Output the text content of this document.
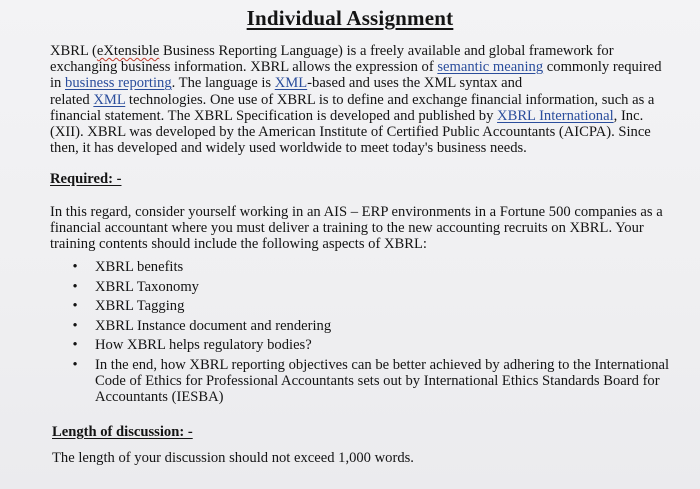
Individual Assignment
XBRL (eXtensible Business Reporting Language) is a freely available and global framework for
exchanging business information. XBRL allows the expression of semantic meaning commonly required
in business reporting. The language is XML-based and uses the XML syntax and
related XML technologies. One use of XBRL is to define and exchange financial information, such as a
financial statement. The XBRL Specification is developed and published by XBRL International, Inc.
(XII). XBRL was developed by the American Institute of Certified Public Accountants (AICPA). Since
then, it has developed and widely used worldwide to meet today's business needs.
Required: -
In this regard, consider yourself working in an AIS – ERP environments in a Fortune 500 companies as a
financial accountant where you must deliver a training to the new accounting recruits on XBRL. Your
training contents should include the following aspects of XBRL:
• XBRL benefits
• XBRL Taxonomy
• XBRL Tagging
• XBRL Instance document and rendering
• How XBRL helps regulatory bodies?
• In the end, how XBRL reporting objectives can be better achieved by adhering to the International
Code of Ethics for Professional Accountants sets out by International Ethics Standards Board for
Accountants (IESBA)
Length of discussion: -
The length of your discussion should not exceed 1,000 words.
